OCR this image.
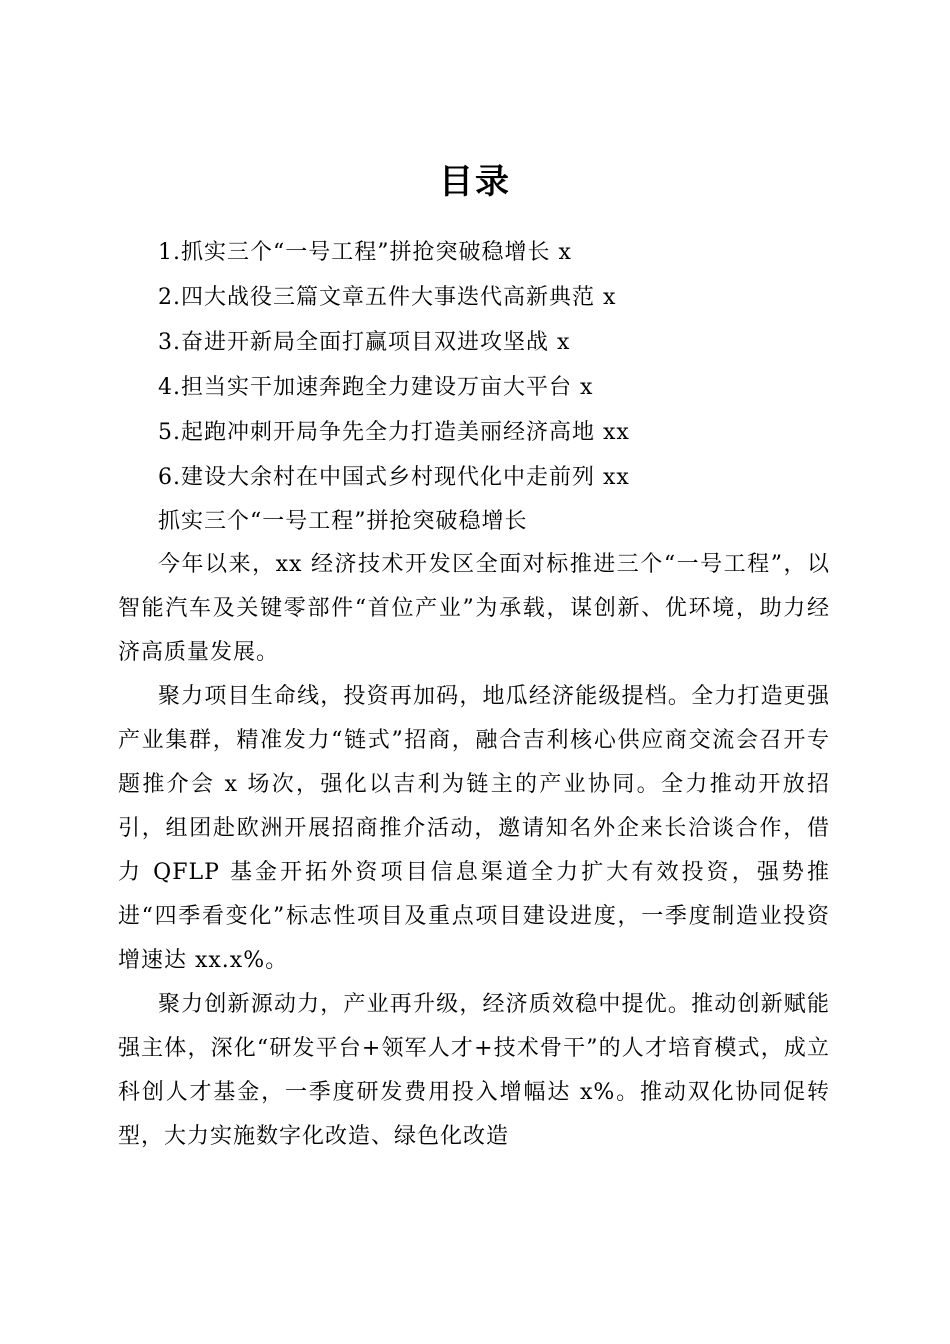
目录
1.抓实三个“一号工程”拼抢突破稳增长 x
2.四大战役三篇文章五件大事迭代高新典范 x
3.奋进开新局全面打赢项目双进攻坚战 x
4.担当实干加速奔跑全力建设万亩大平台 x
5.起跑冲刺开局争先全力打造美丽经济高地 xx
6.建设大余村在中国式乡村现代化中走前列 xx

抓实三个“一号工程”拼抢突破稳增长

今年以来，xx 经济技术开发区全面对标推进三个“一号工程”，以智能汽车及关键零部件“首位产业”为承载，谋创新、优环境，助力经济高质量发展。

聚力项目生命线，投资再加码，地瓜经济能级提档。全力打造更强产业集群，精准发力“链式”招商，融合吉利核心供应商交流会召开专题推介会 x 场次，强化以吉利为链主的产业协同。全力推动开放招引，组团赴欧洲开展招商推介活动，邀请知名外企来长洽谈合作，借力 QFLP 基金开拓外资项目信息渠道全力扩大有效投资，强势推进“四季看变化”标志性项目及重点项目建设进度，一季度制造业投资增速达 xx.x%。

聚力创新源动力，产业再升级，经济质效稳中提优。推动创新赋能强主体，深化“研发平台+领军人才+技术骨干”的人才培育模式，成立科创人才基金，一季度研发费用投入增幅达 x%。推动双化协同促转型，大力实施数字化改造、绿色化改造
